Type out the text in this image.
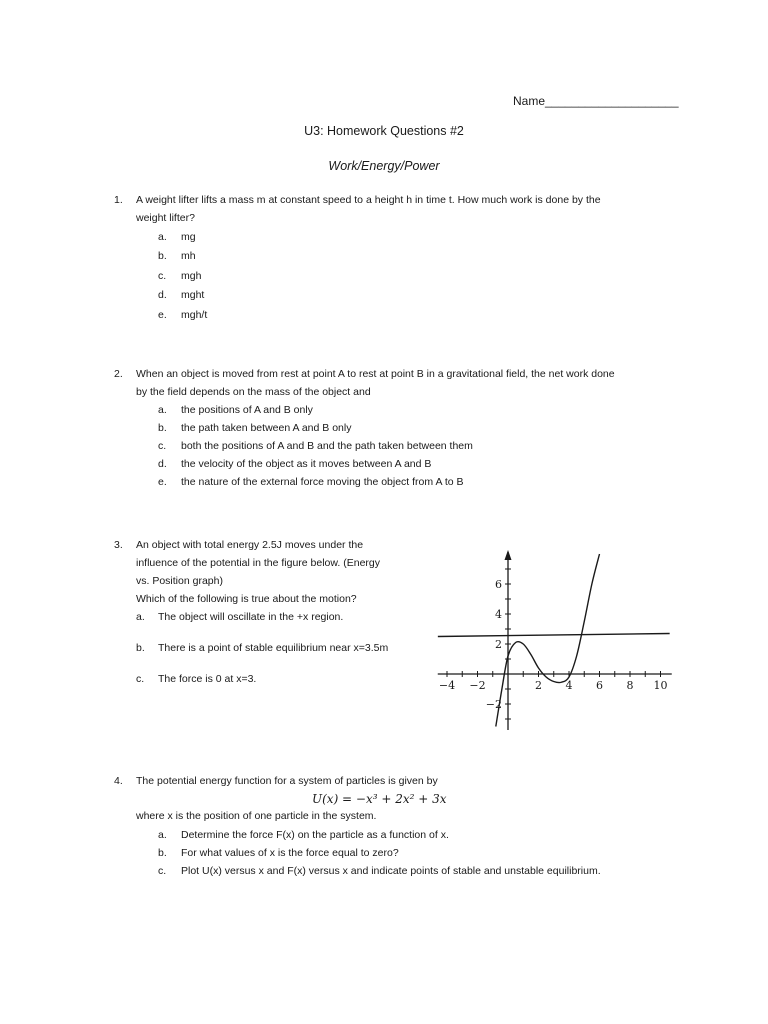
Name____________________
U3: Homework Questions #2
Work/Energy/Power
1.	A weight lifter lifts a mass m at constant speed to a height h in time t. How much work is done by the
weight lifter?
a.	mg
b.	mh
c.	mgh
d.	mght
e.	mgh/t
2.	When an object is moved from rest at point A to rest at point B in a gravitational field, the net work done
by the field depends on the mass of the object and
a.	the positions of A and B only
b.	the path taken between A and B only
c.	both the positions of A and B and the path taken between them
d.	the velocity of the object as it moves between A and B
e.	the nature of the external force moving the object from A to B
3.	An object with total energy 2.5J moves under the
influence of the potential in the figure below. (Energy
vs. Position graph)
Which of the following is true about the motion?
a.	The object will oscillate in the +x region.
b.	There is a point of stable equilibrium near x=3.5m
c.	The force is 0 at x=3.	−4 −2	2 4 6 8 10
6
4
2
−2
4.	The potential energy function for a system of particles is given by
U(x) = −x³ + 2x² + 3x
where x is the position of one particle in the system.
a.	Determine the force F(x) on the particle as a function of x.
b.	For what values of x is the force equal to zero?
c.	Plot U(x) versus x and F(x) versus x and indicate points of stable and unstable equilibrium.
